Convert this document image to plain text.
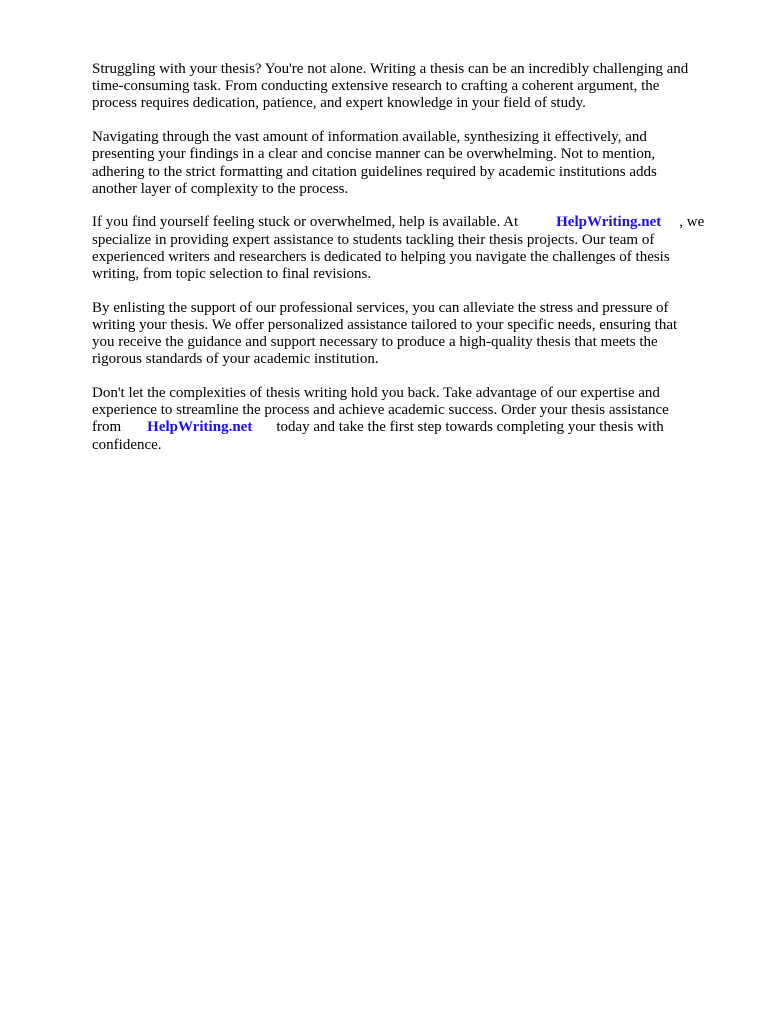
Struggling with your thesis? You're not alone. Writing a thesis can be an incredibly challenging and
time-consuming task. From conducting extensive research to crafting a coherent argument, the
process requires dedication, patience, and expert knowledge in your field of study.

Navigating through the vast amount of information available, synthesizing it effectively, and
presenting your findings in a clear and concise manner can be overwhelming. Not to mention,
adhering to the strict formatting and citation guidelines required by academic institutions adds
another layer of complexity to the process.

If you find yourself feeling stuck or overwhelmed, help is available. At	HelpWriting.net , we
specialize in providing expert assistance to students tackling their thesis projects. Our team of
experienced writers and researchers is dedicated to helping you navigate the challenges of thesis
writing, from topic selection to final revisions.

By enlisting the support of our professional services, you can alleviate the stress and pressure of
writing your thesis. We offer personalized assistance tailored to your specific needs, ensuring that
you receive the guidance and support necessary to produce a high-quality thesis that meets the
rigorous standards of your academic institution.

Don't let the complexities of thesis writing hold you back. Take advantage of our expertise and
experience to streamline the process and achieve academic success. Order your thesis assistance
from HelpWriting.net today and take the first step towards completing your thesis with
confidence.
